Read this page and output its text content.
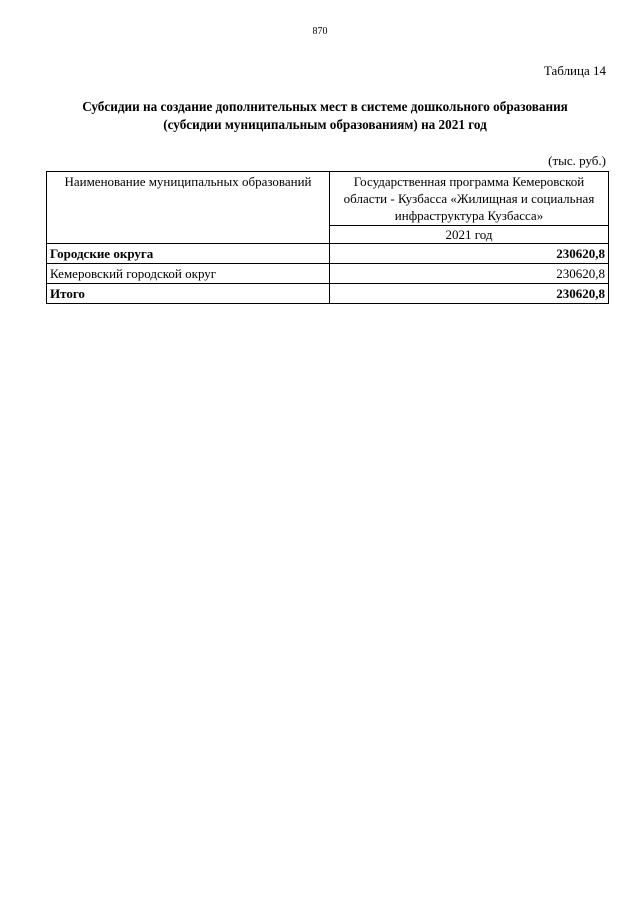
870
Таблица 14
Субсидии на создание дополнительных мест в системе дошкольного образования
(субсидии муниципальным образованиям) на 2021 год
(тыс. руб.)
Наименование муниципальных образований	Государственная программа Кемеровской области - Кузбасса «Жилищная и социальная инфраструктура Кузбасса»
	2021 год
Городские округа	230620,8
Кемеровский городской округ	230620,8
Итого	230620,8
